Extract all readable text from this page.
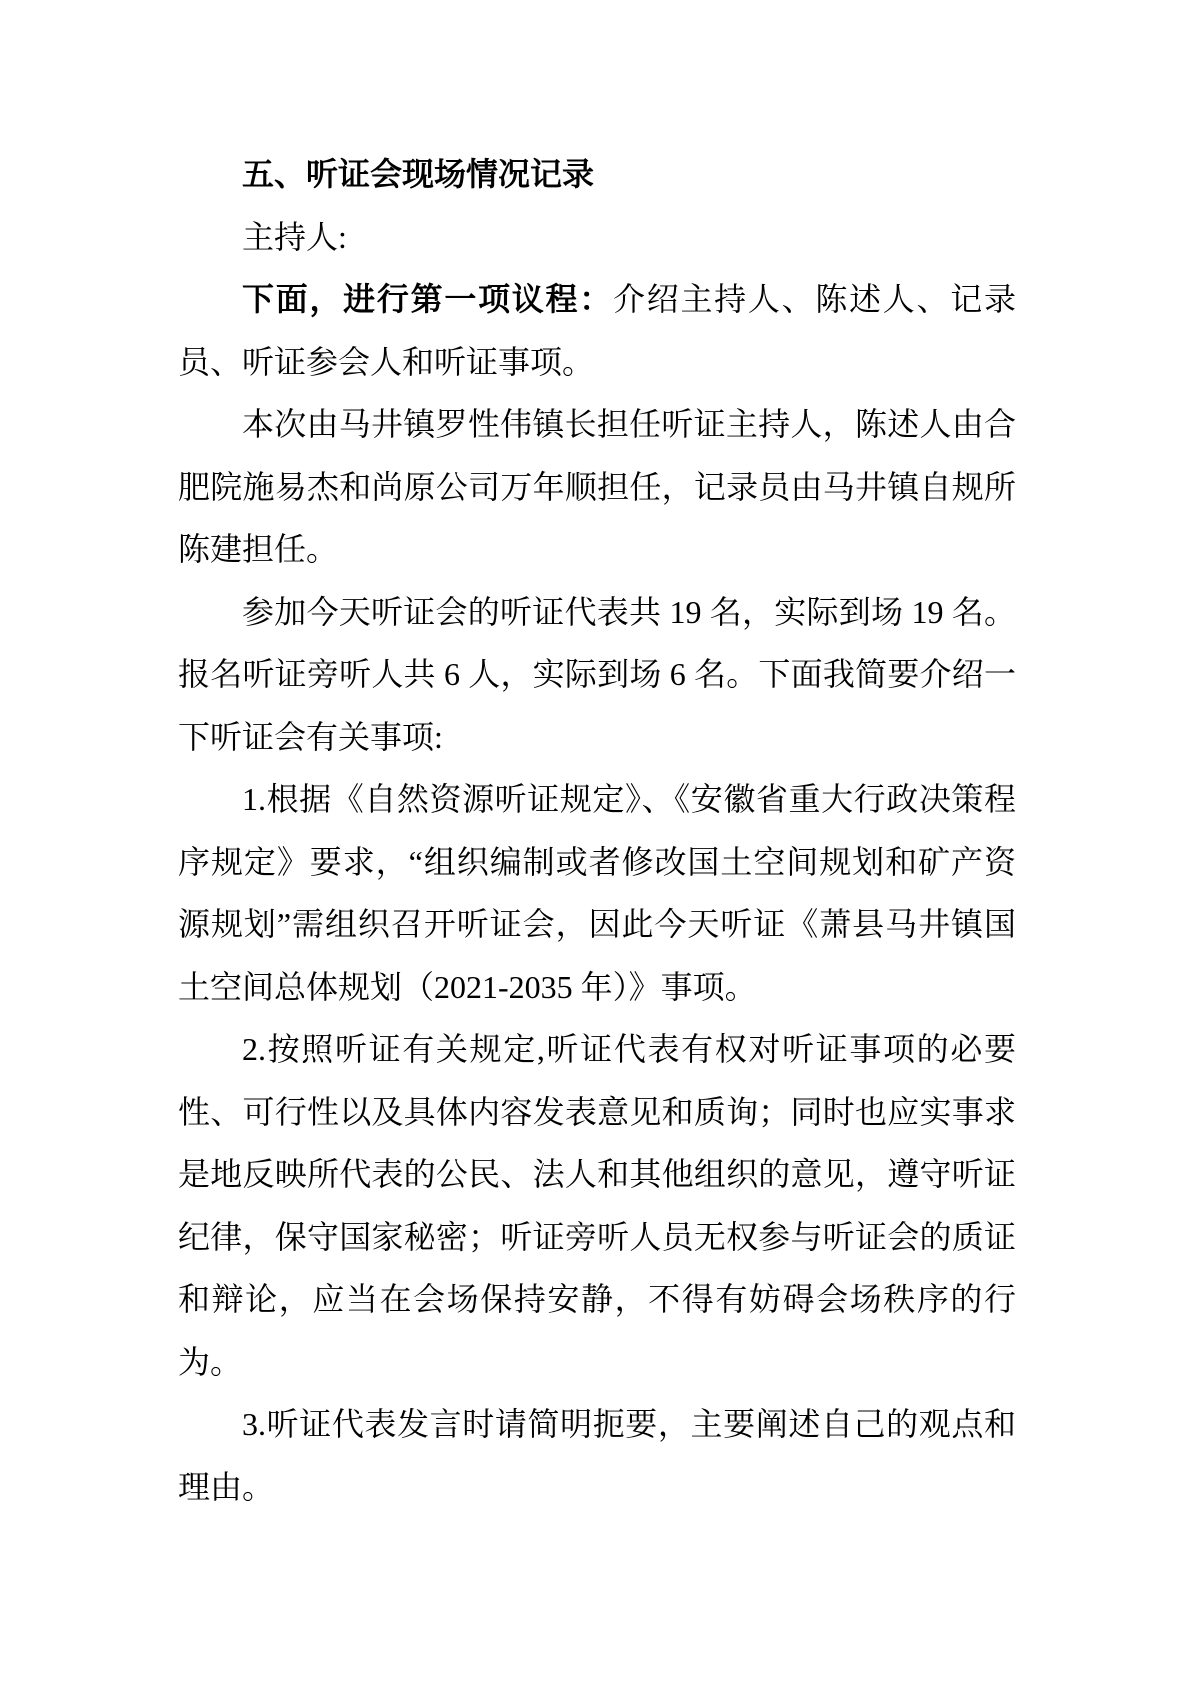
五、听证会现场情况记录

主持人:

下面，进行第一项议程：介绍主持人、陈述人、记录员、听证参会人和听证事项。

本次由马井镇罗性伟镇长担任听证主持人，陈述人由合肥院施易杰和尚原公司万年顺担任，记录员由马井镇自规所陈建担任。

参加今天听证会的听证代表共 19 名，实际到场 19 名。报名听证旁听人共 6 人，实际到场 6 名。下面我简要介绍一下听证会有关事项:

1.根据《自然资源听证规定》、《安徽省重大行政决策程序规定》要求，“组织编制或者修改国土空间规划和矿产资源规划”需组织召开听证会，因此今天听证《萧县马井镇国土空间总体规划（2021-2035 年）》事项。

2.按照听证有关规定,听证代表有权对听证事项的必要性、可行性以及具体内容发表意见和质询；同时也应实事求是地反映所代表的公民、法人和其他组织的意见，遵守听证纪律，保守国家秘密；听证旁听人员无权参与听证会的质证和辩论，应当在会场保持安静，不得有妨碍会场秩序的行为。

3.听证代表发言时请简明扼要，主要阐述自己的观点和理由。
